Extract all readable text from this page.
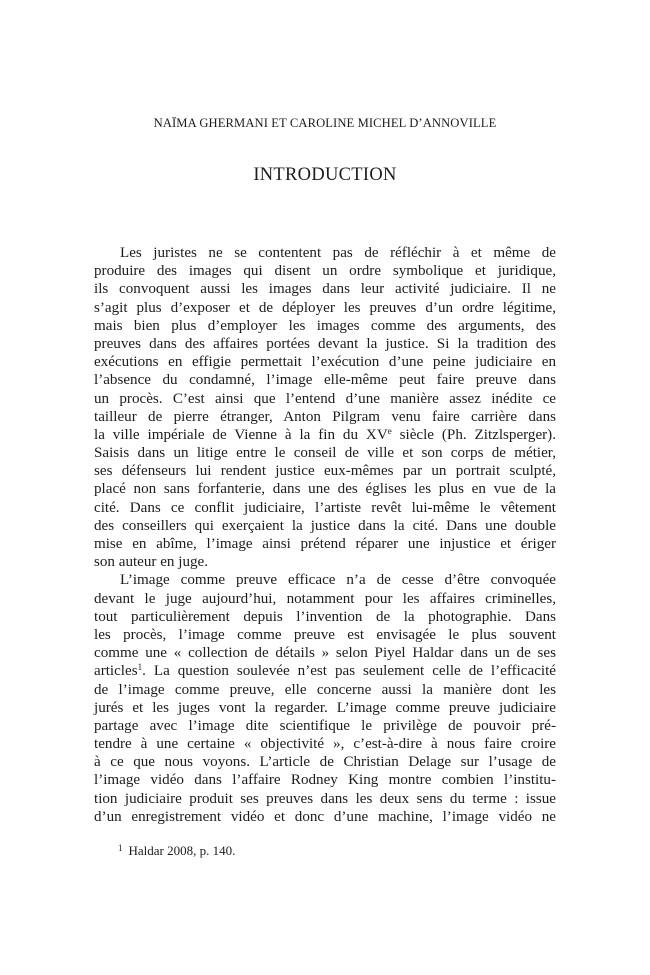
NAÏMA GHERMANI ET CAROLINE MICHEL D’ANNOVILLE
INTRODUCTION
Les juristes ne se contentent pas de réfléchir à et même de
produire des images qui disent un ordre symbolique et juridique,
ils convoquent aussi les images dans leur activité judiciaire. Il ne
s’agit plus d’exposer et de déployer les preuves d’un ordre légitime,
mais bien plus d’employer les images comme des arguments, des
preuves dans des affaires portées devant la justice. Si la tradition des
exécutions en effigie permettait l’exécution d’une peine judiciaire en
l’absence du condamné, l’image elle-même peut faire preuve dans
un procès. C’est ainsi que l’entend d’une manière assez inédite ce
tailleur de pierre étranger, Anton Pilgram venu faire carrière dans
la ville impériale de Vienne à la fin du XVe siècle (Ph. Zitzlsperger).
Saisis dans un litige entre le conseil de ville et son corps de métier,
ses défenseurs lui rendent justice eux-mêmes par un portrait sculpté,
placé non sans forfanterie, dans une des églises les plus en vue de la
cité. Dans ce conflit judiciaire, l’artiste revêt lui-même le vêtement
des conseillers qui exerçaient la justice dans la cité. Dans une double
mise en abîme, l’image ainsi prétend réparer une injustice et ériger
son auteur en juge.
L’image comme preuve efficace n’a de cesse d’être convoquée
devant le juge aujourd’hui, notamment pour les affaires criminelles,
tout particulièrement depuis l’invention de la photographie. Dans
les procès, l’image comme preuve est envisagée le plus souvent
comme une « collection de détails » selon Piyel Haldar dans un de ses
articles$^1$. La question soulevée n’est pas seulement celle de l’efficacité
de l’image comme preuve, elle concerne aussi la manière dont les
jurés et les juges vont la regarder. L’image comme preuve judiciaire
partage avec l’image dite scientifique le privilège de pouvoir pré-
tendre à une certaine « objectivité », c’est-à-dire à nous faire croire
à ce que nous voyons. L’article de Christian Delage sur l’usage de
l’image vidéo dans l’affaire Rodney King montre combien l’institu-
tion judiciaire produit ses preuves dans les deux sens du terme : issue
d’un enregistrement vidéo et donc d’une machine, l’image vidéo ne
$^1$ Haldar 2008, p. 140.
